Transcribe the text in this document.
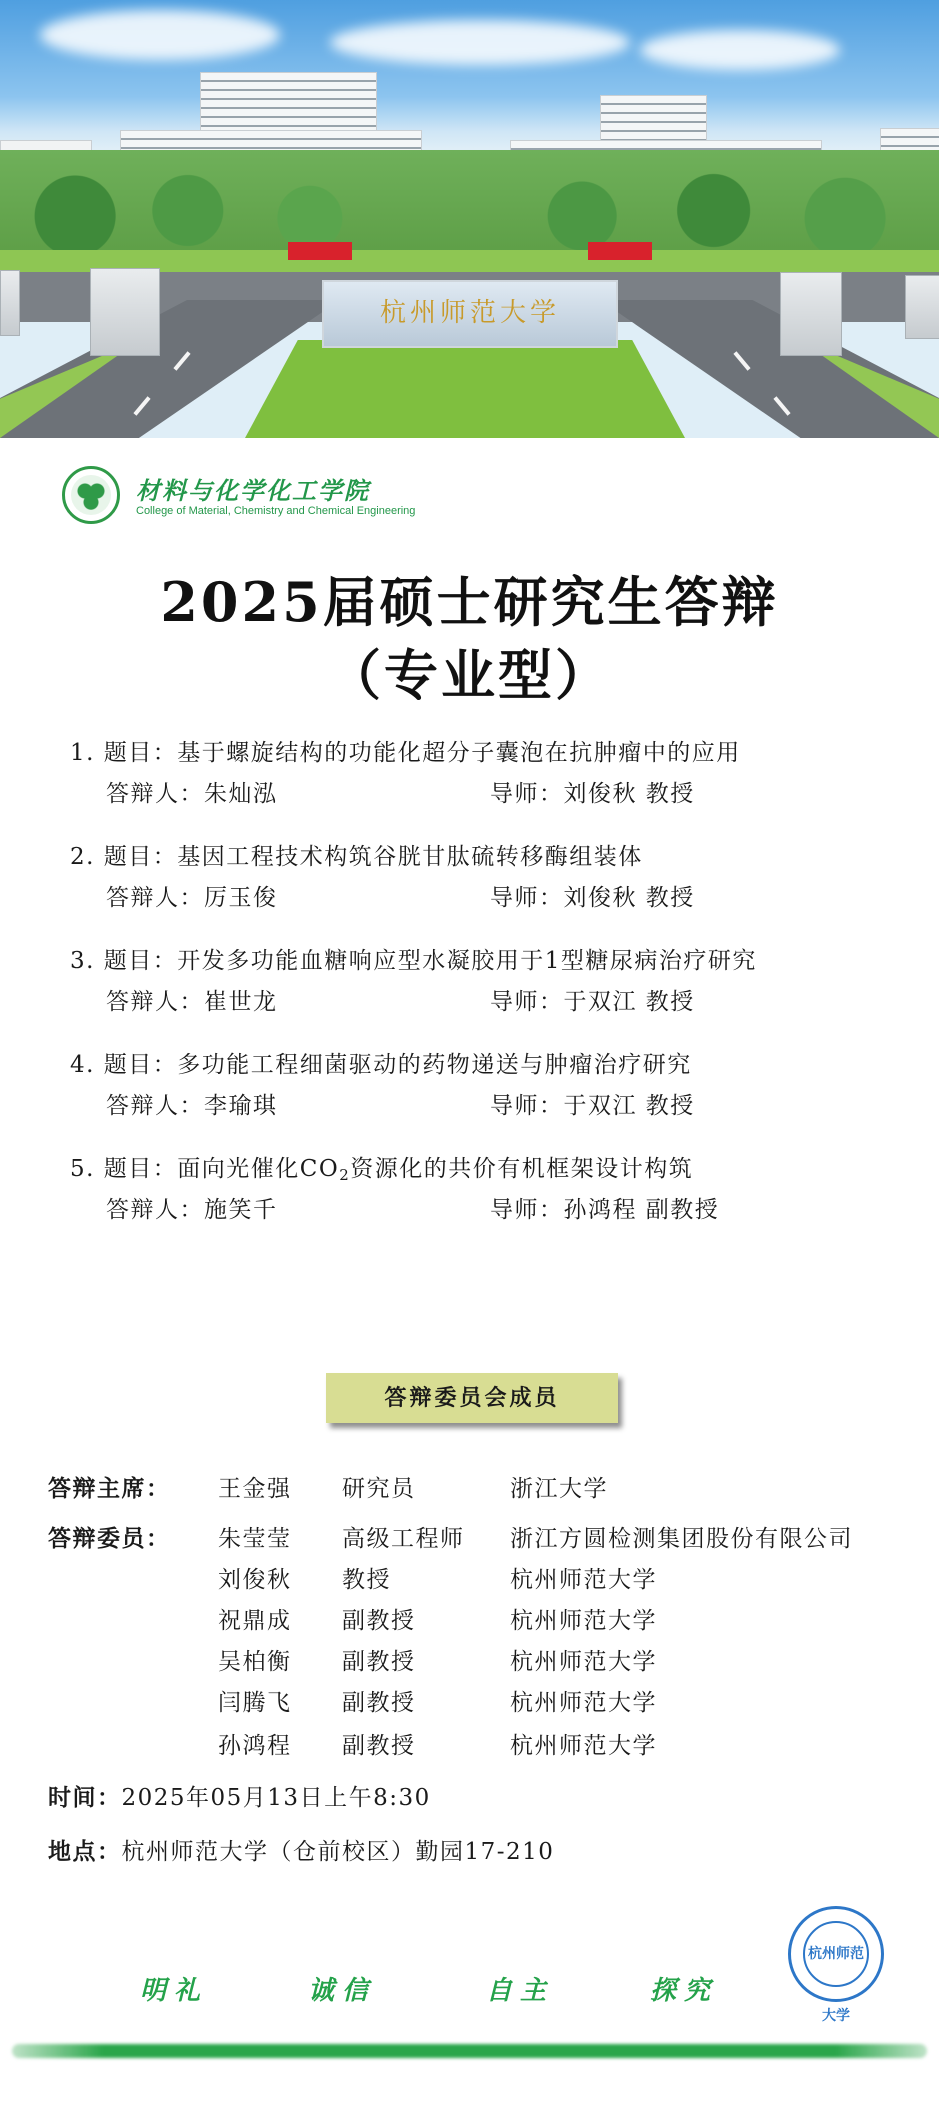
杭州师范大学
材料与化学化工学院
College of Material, Chemistry and Chemical Engineering
2025届硕士研究生答辩
（专业型）
1. 题目：基于螺旋结构的功能化超分子囊泡在抗肿瘤中的应用
答辩人：朱灿泓	导师：刘俊秋 教授
2. 题目：基因工程技术构筑谷胱甘肽硫转移酶组装体
答辩人：厉玉俊	导师：刘俊秋 教授
3. 题目：开发多功能血糖响应型水凝胶用于1型糖尿病治疗研究
答辩人：崔世龙	导师：于双江 教授
4. 题目：多功能工程细菌驱动的药物递送与肿瘤治疗研究
答辩人：李瑜琪	导师：于双江 教授
5. 题目：面向光催化$CO_2$资源化的共价有机框架设计构筑
答辩人：施笑千	导师：孙鸿程 副教授
答辩委员会成员
答辩主席： 王金强 研究员	浙江大学
答辩委员： 朱莹莹 高级工程师 浙江方圆检测集团股份有限公司
刘俊秋 教授	杭州师范大学
祝鼎成 副教授	杭州师范大学
吴柏衡 副教授	杭州师范大学
闫腾飞 副教授	杭州师范大学
孙鸿程 副教授	杭州师范大学
时间：2025年05月13日上午8:30
地点：杭州师范大学（仓前校区）勤园17-210
明礼	诚信	自主	探究
杭州师范大学
